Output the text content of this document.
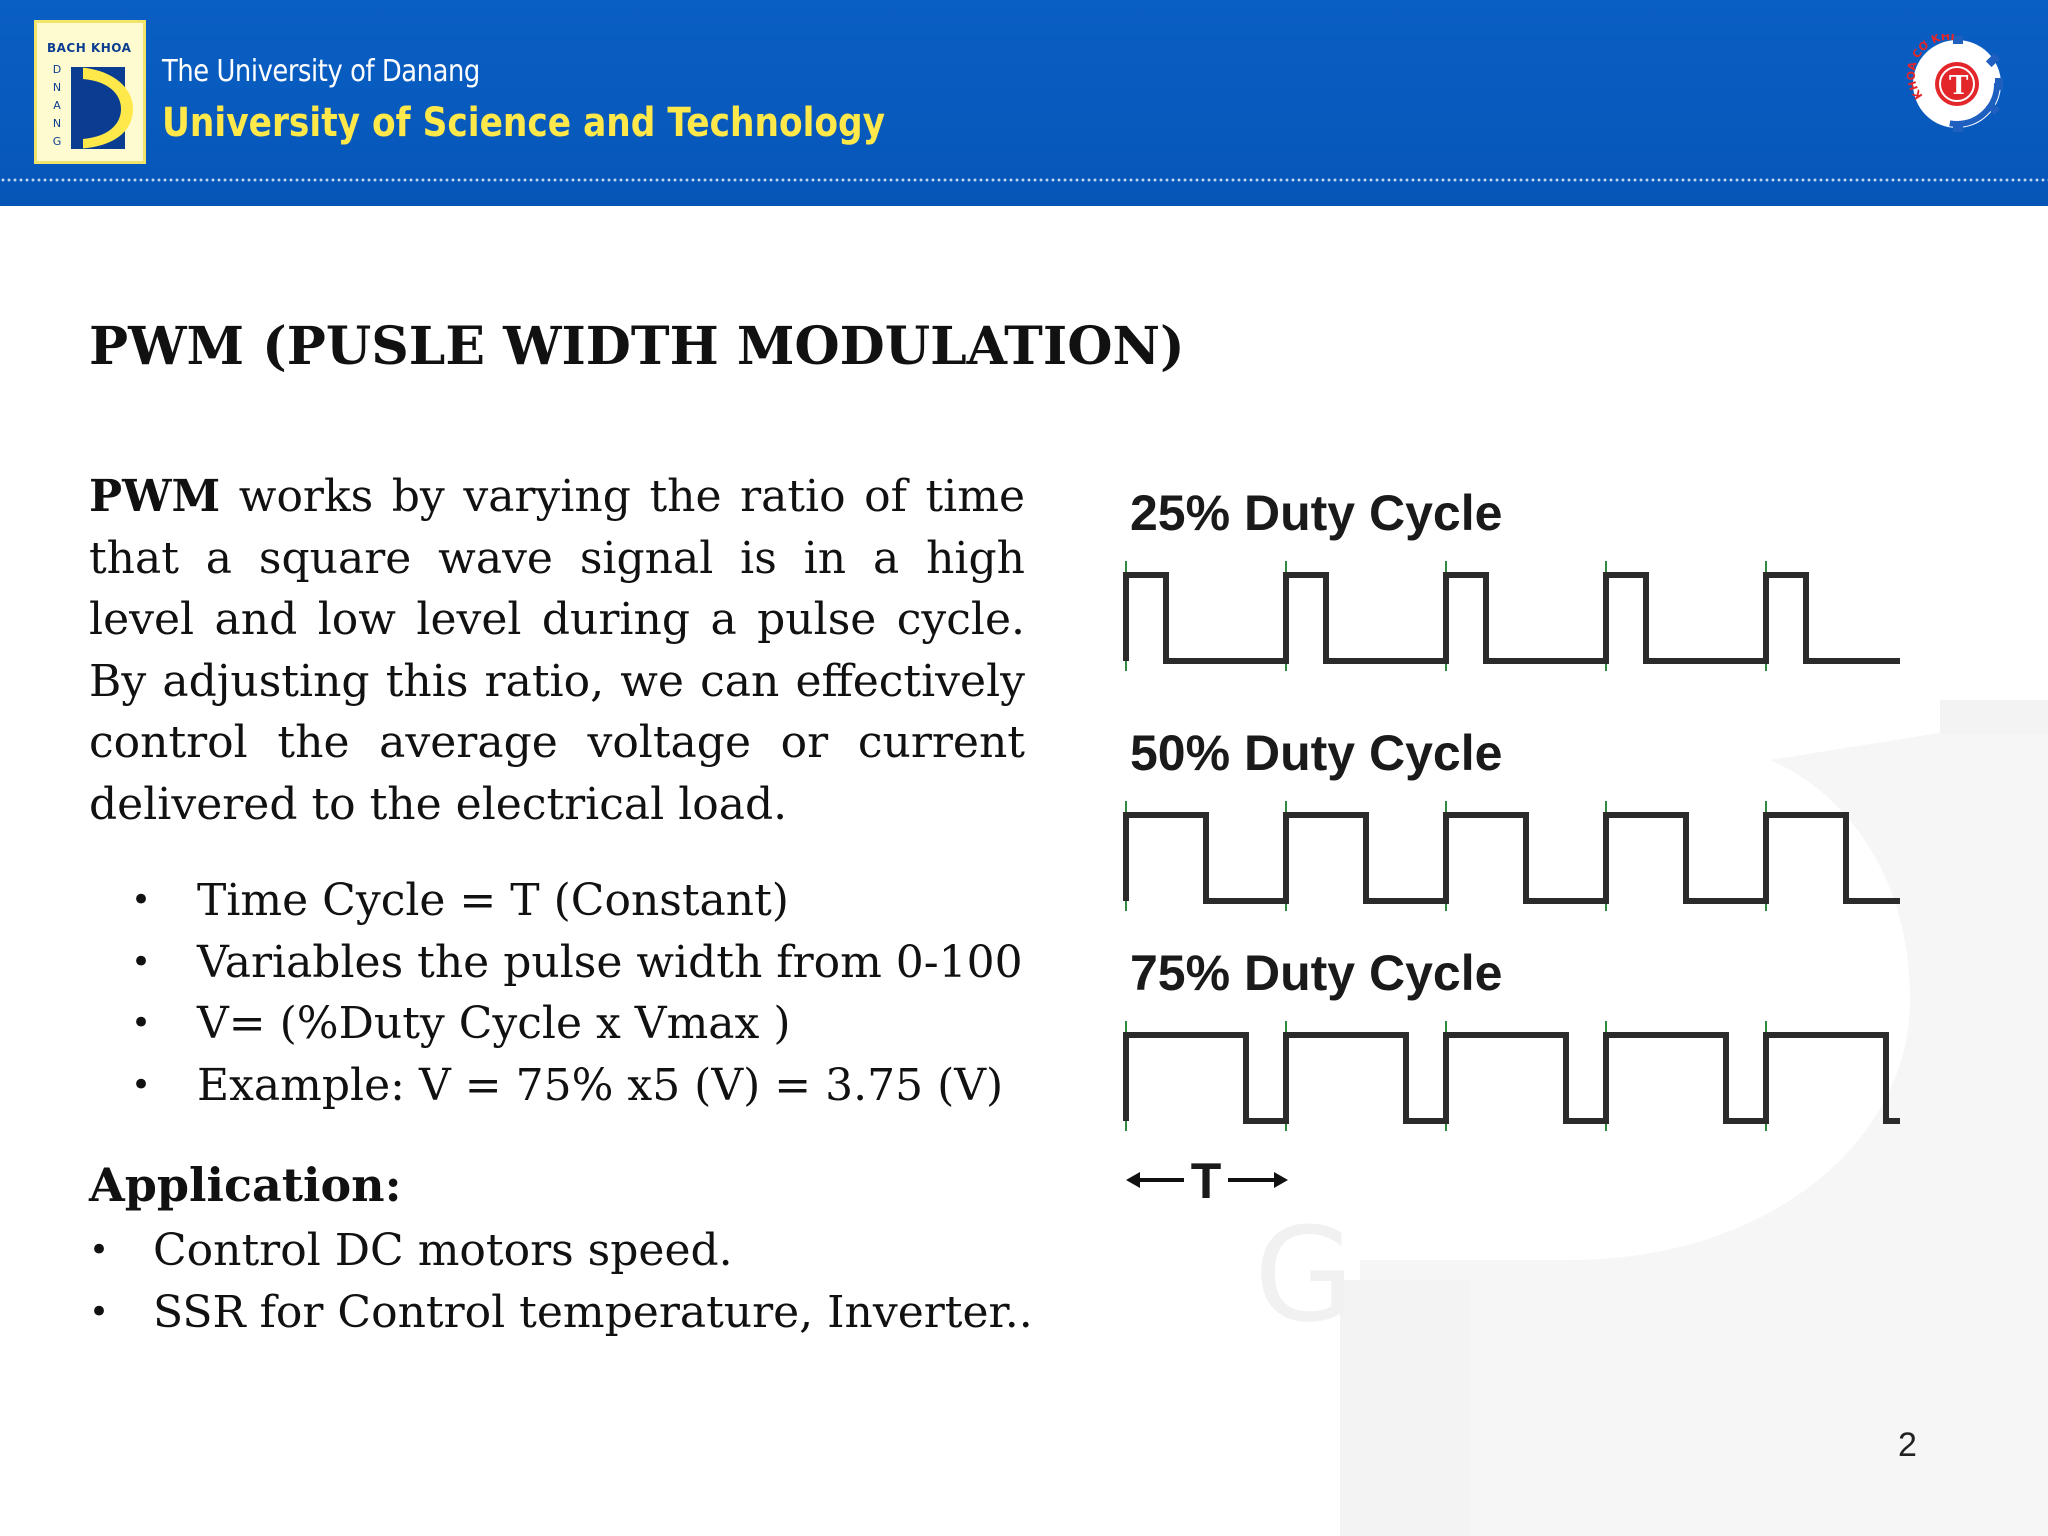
BACH KHOA
D
N
A
N
G
The University of Danang
University of Science and Technology
T
KHOA CƠ KHÍ
G
PWM (PUSLE WIDTH MODULATION)
PWM works by varying the ratio of time that a square wave signal is in a high level and low level during a pulse cycle. By adjusting this ratio, we can effectively control the average voltage or current delivered to the electrical load.
• Time Cycle = T (Constant)
• Variables the pulse width from 0-100
• V= (%Duty Cycle x Vmax )
• Example: V = 75% x5 (V) = 3.75 (V)
Application:
• Control DC motors speed.
• SSR for Control temperature, Inverter..
25% Duty Cycle
50% Duty Cycle
75% Duty Cycle
T
2
